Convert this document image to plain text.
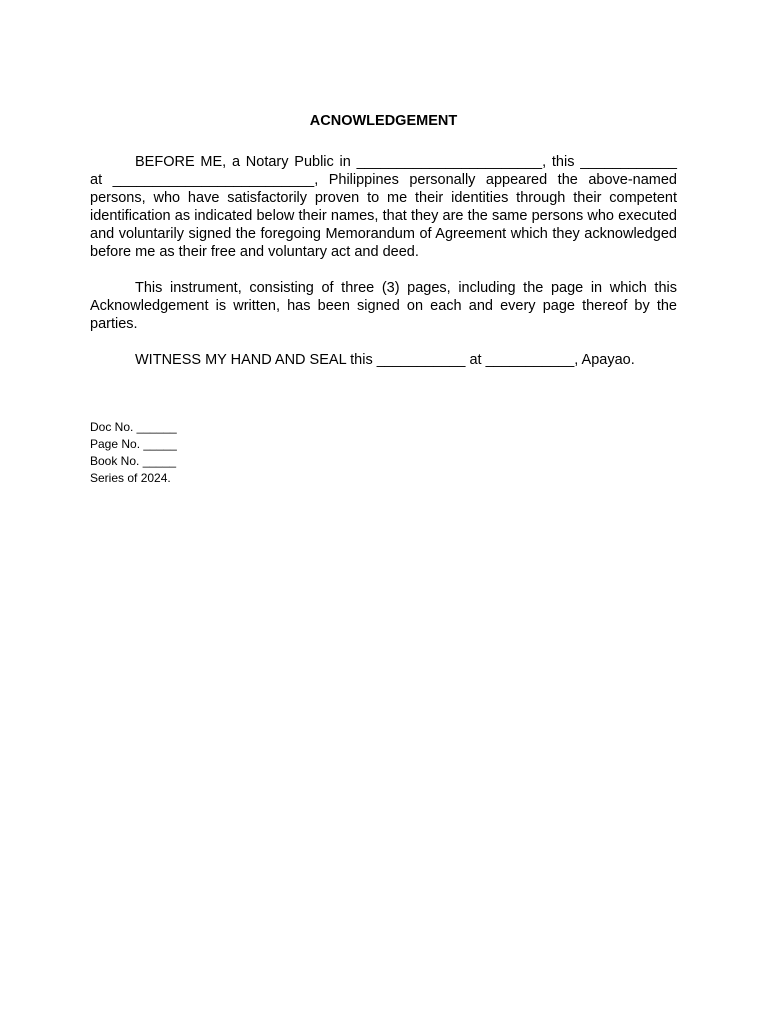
ACNOWLEDGEMENT

BEFORE ME, a Notary Public in _______________________, this ____________ at _________________________, Philippines personally appeared the above-named persons, who have satisfactorily proven to me their identities through their competent identification as indicated below their names, that they are the same persons who executed and voluntarily signed the foregoing Memorandum of Agreement which they acknowledged before me as their free and voluntary act and deed.

This instrument, consisting of three (3) pages, including the page in which this Acknowledgement is written, has been signed on each and every page thereof by the parties.

WITNESS MY HAND AND SEAL this ___________ at ___________, Apayao.

Doc No. ______
Page No. _____
Book No. _____
Series of 2024.
